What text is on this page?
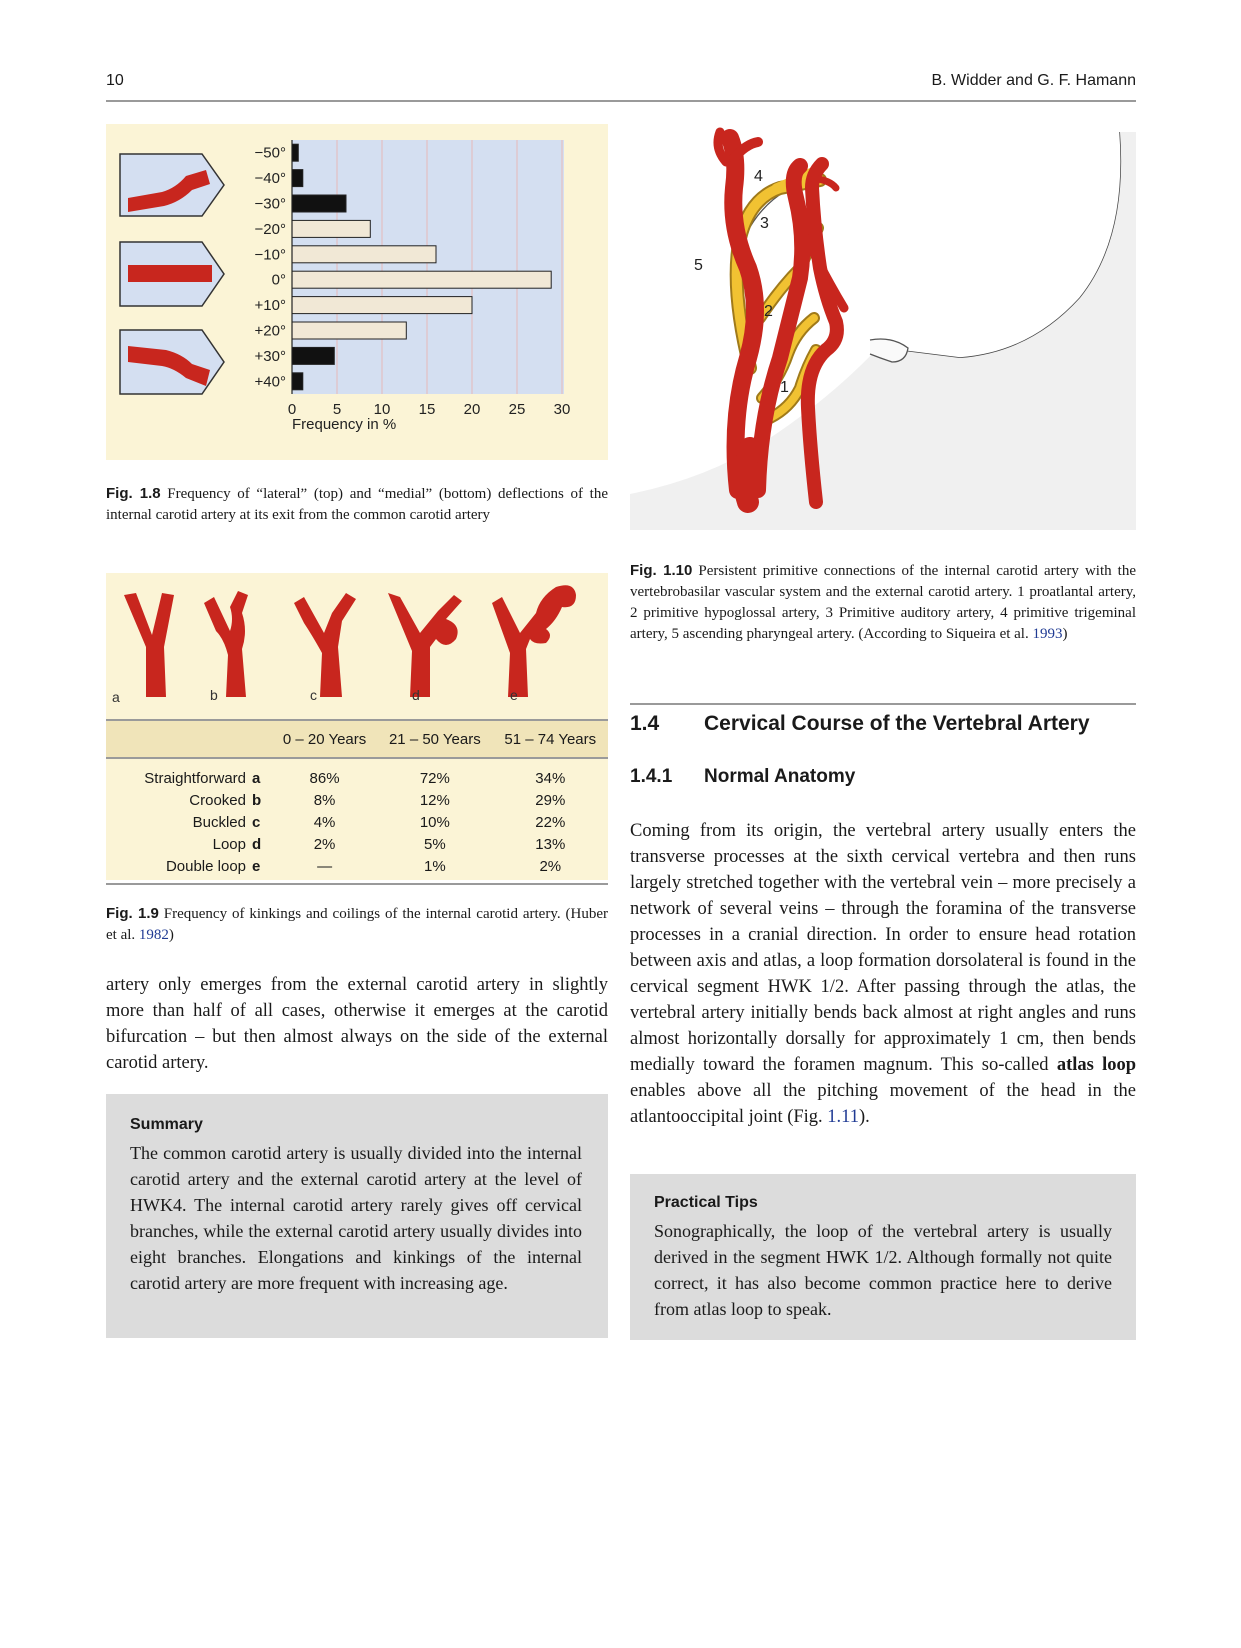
10	B. Widder and G. F. Hamann
−50°
−40°
−30°
−20°
−10°
0°
+10°
+20°
+30°
+40°
0 5 10 15 20 25 30
Frequency in %
Fig. 1.8 Frequency of “lateral” (top) and “medial” (bottom) deflections of the internal carotid artery at its exit from the common carotid artery
a	b	c	d	e
		0 – 20 Years	21 – 50 Years	51 – 74 Years
Straightforward	a	86%	72%	34%
Crooked	b	8%	12%	29%
Buckled	c	4%	10%	22%
Loop	d	2%	5%	13%
Double loop	e	—	1%	2%
Fig. 1.9 Frequency of kinkings and coilings of the internal carotid artery. (Huber et al. 1982)
artery only emerges from the external carotid artery in slightly more than half of all cases, otherwise it emerges at the carotid bifurcation – but then almost always on the side of the external carotid artery.
Summary
The common carotid artery is usually divided into the internal carotid artery and the external carotid artery at the level of HWK4. The internal carotid artery rarely gives off cervical branches, while the external carotid artery usually divides into eight branches. Elongations and kinkings of the internal carotid artery are more frequent with increasing age.
1
2
3
4
5
Fig. 1.10 Persistent primitive connections of the internal carotid artery with the vertebrobasilar vascular system and the external carotid artery. 1 proatlantal artery, 2 primitive hypoglossal artery, 3 Primitive auditory artery, 4 primitive trigeminal artery, 5 ascending pharyngeal artery. (According to Siqueira et al. 1993)
1.4 Cervical Course of the Vertebral Artery
1.4.1 Normal Anatomy
Coming from its origin, the vertebral artery usually enters the transverse processes at the sixth cervical vertebra and then runs largely stretched together with the vertebral vein – more precisely a network of several veins – through the foramina of the transverse processes in a cranial direction. In order to ensure head rotation between axis and atlas, a loop formation dorsolateral is found in the cervical segment HWK 1/2. After passing through the atlas, the vertebral artery initially bends back almost at right angles and runs almost horizontally dorsally for approximately 1 cm, then bends medially toward the foramen magnum. This so-called atlas loop enables above all the pitching movement of the head in the atlantooccipital joint (Fig. 1.11).
Practical Tips
Sonographically, the loop of the vertebral artery is usually derived in the segment HWK 1/2. Although formally not quite correct, it has also become common practice here to derive from atlas loop to speak.
